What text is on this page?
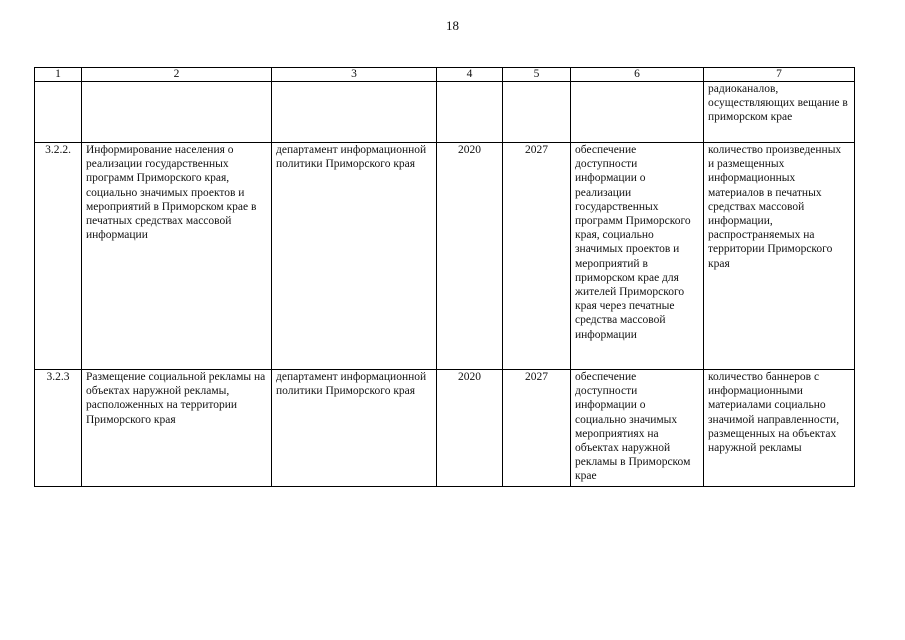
18
1	2	3	4	5	6	7
						радиоканалов, осуществляющих вещание в приморском крае
3.2.2.	Информирование населения о реализации государственных программ Приморского края, социально значимых проектов и мероприятий в Приморском крае в печатных средствах массовой информации	департамент информационной политики Приморского края	2020	2027	обеспечение доступности информации о реализации государственных программ Приморского края, социально значимых проектов и мероприятий в приморском крае для жителей Приморского края через печатные средства массовой информации	количество произведенных и размещенных информационных материалов в печатных средствах массовой информации, распространяемых на территории Приморского края
3.2.3	Размещение социальной рекламы на объектах наружной рекламы, расположенных на территории Приморского края	департамент информационной политики Приморского края	2020	2027	обеспечение доступности информации о социально значимых мероприятиях на объектах наружной рекламы в Приморском крае	количество баннеров с информационными материалами социально значимой направленности, размещенных на объектах наружной рекламы
